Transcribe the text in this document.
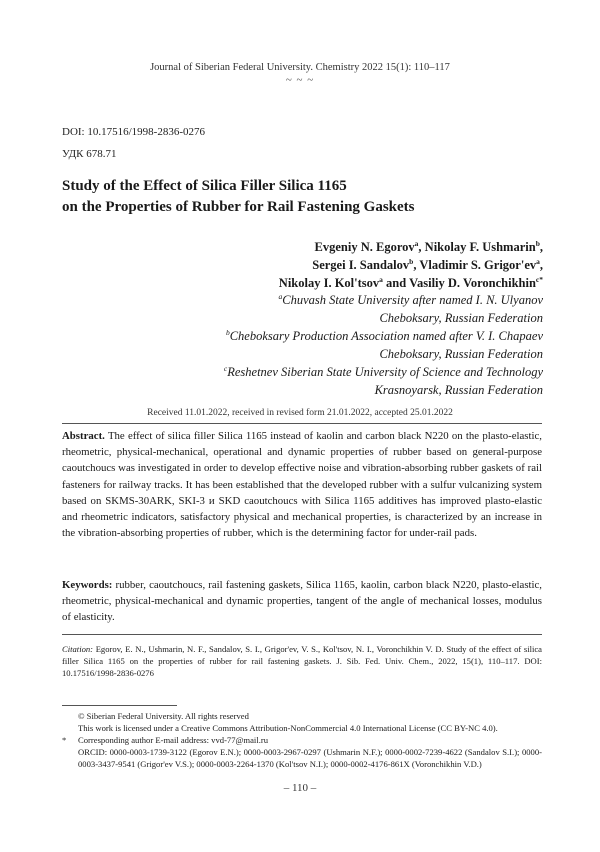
Journal of Siberian Federal University. Chemistry 2022 15(1): 110–117
~ ~ ~
DOI: 10.17516/1998-2836-0276
УДК 678.71
Study of the Effect of Silica Filler Silica 1165
on the Properties of Rubber for Rail Fastening Gaskets
Evgeniy N. Egorov$^a$, Nikolay F. Ushmarin$^b$,
Sergei I. Sandalov$^b$, Vladimir S. $Grigor'ev^a$,
Nikolay I. Kol'tsov$^a$ and Vasiliy D. Voronchikhin$^{c*}$
$^a$Chuvash State University after named I. N. Ulyanov
Cheboksary, Russian Federation
$^b$Cheboksary Production Association named after V. I. Chapaev
Cheboksary, Russian Federation
$^c$Reshetnev Siberian State University of Science and Technology
Krasnoyarsk, Russian Federation
Received 11.01.2022, received in revised form 21.01.2022, accepted 25.01.2022
Abstract. The effect of silica filler Silica 1165 instead of kaolin and carbon black N220 on the plasto-elastic, rheometric, physical-mechanical, operational and dynamic properties of rubber based on general-purpose caoutchoucs was investigated in order to develop effective noise and vibration-absorbing rubber gaskets of rail fasteners for railway tracks. It has been established that the developed rubber with a sulfur vulcanizing system based on SKMS-30ARK, SKI-3 и SKD caoutchoucs with Silica 1165 additives has improved plasto-elastic and rheometric indicators, satisfactory physical and mechanical properties, is characterized by an increase in the vibration-absorbing properties of rubber, which is the determining factor for under-rail pads.
Keywords: rubber, caoutchoucs, rail fastening gaskets, Silica 1165, kaolin, carbon black N220, plasto-elastic, rheometric, physical-mechanical and dynamic properties, tangent of the angle of mechanical losses, modulus of elasticity.
Citation: Egorov, E. N., Ushmarin, N. F., Sandalov, S. I., Grigor'ev, V. S., Kol'tsov, N. I., Voronchikhin V. D. Study of the effect of silica filler Silica 1165 on the properties of rubber for rail fastening gaskets. J. Sib. Fed. Univ. Chem., 2022, 15(1), 110–117. DOI: 10.17516/1998-2836-0276
© Siberian Federal University. All rights reserved
This work is licensed under a Creative Commons Attribution-NonCommercial 4.0 International License (CC BY-NC 4.0).
*	Corresponding author E-mail address: vvd-77@mail.ru
ORCID: 0000-0003-1739-3122 (Egorov E.N.); 0000-0003-2967-0297 (Ushmarin N.F.); 0000-0002-7239-4622 (Sandalov S.I.); 0000-0003-3437-9541 (Grigor'ev V.S.); 0000-0003-2264-1370 (Kol'tsov N.I.); 0000-0002-4176-861X (Voronchikhin V.D.)
– 110 –
